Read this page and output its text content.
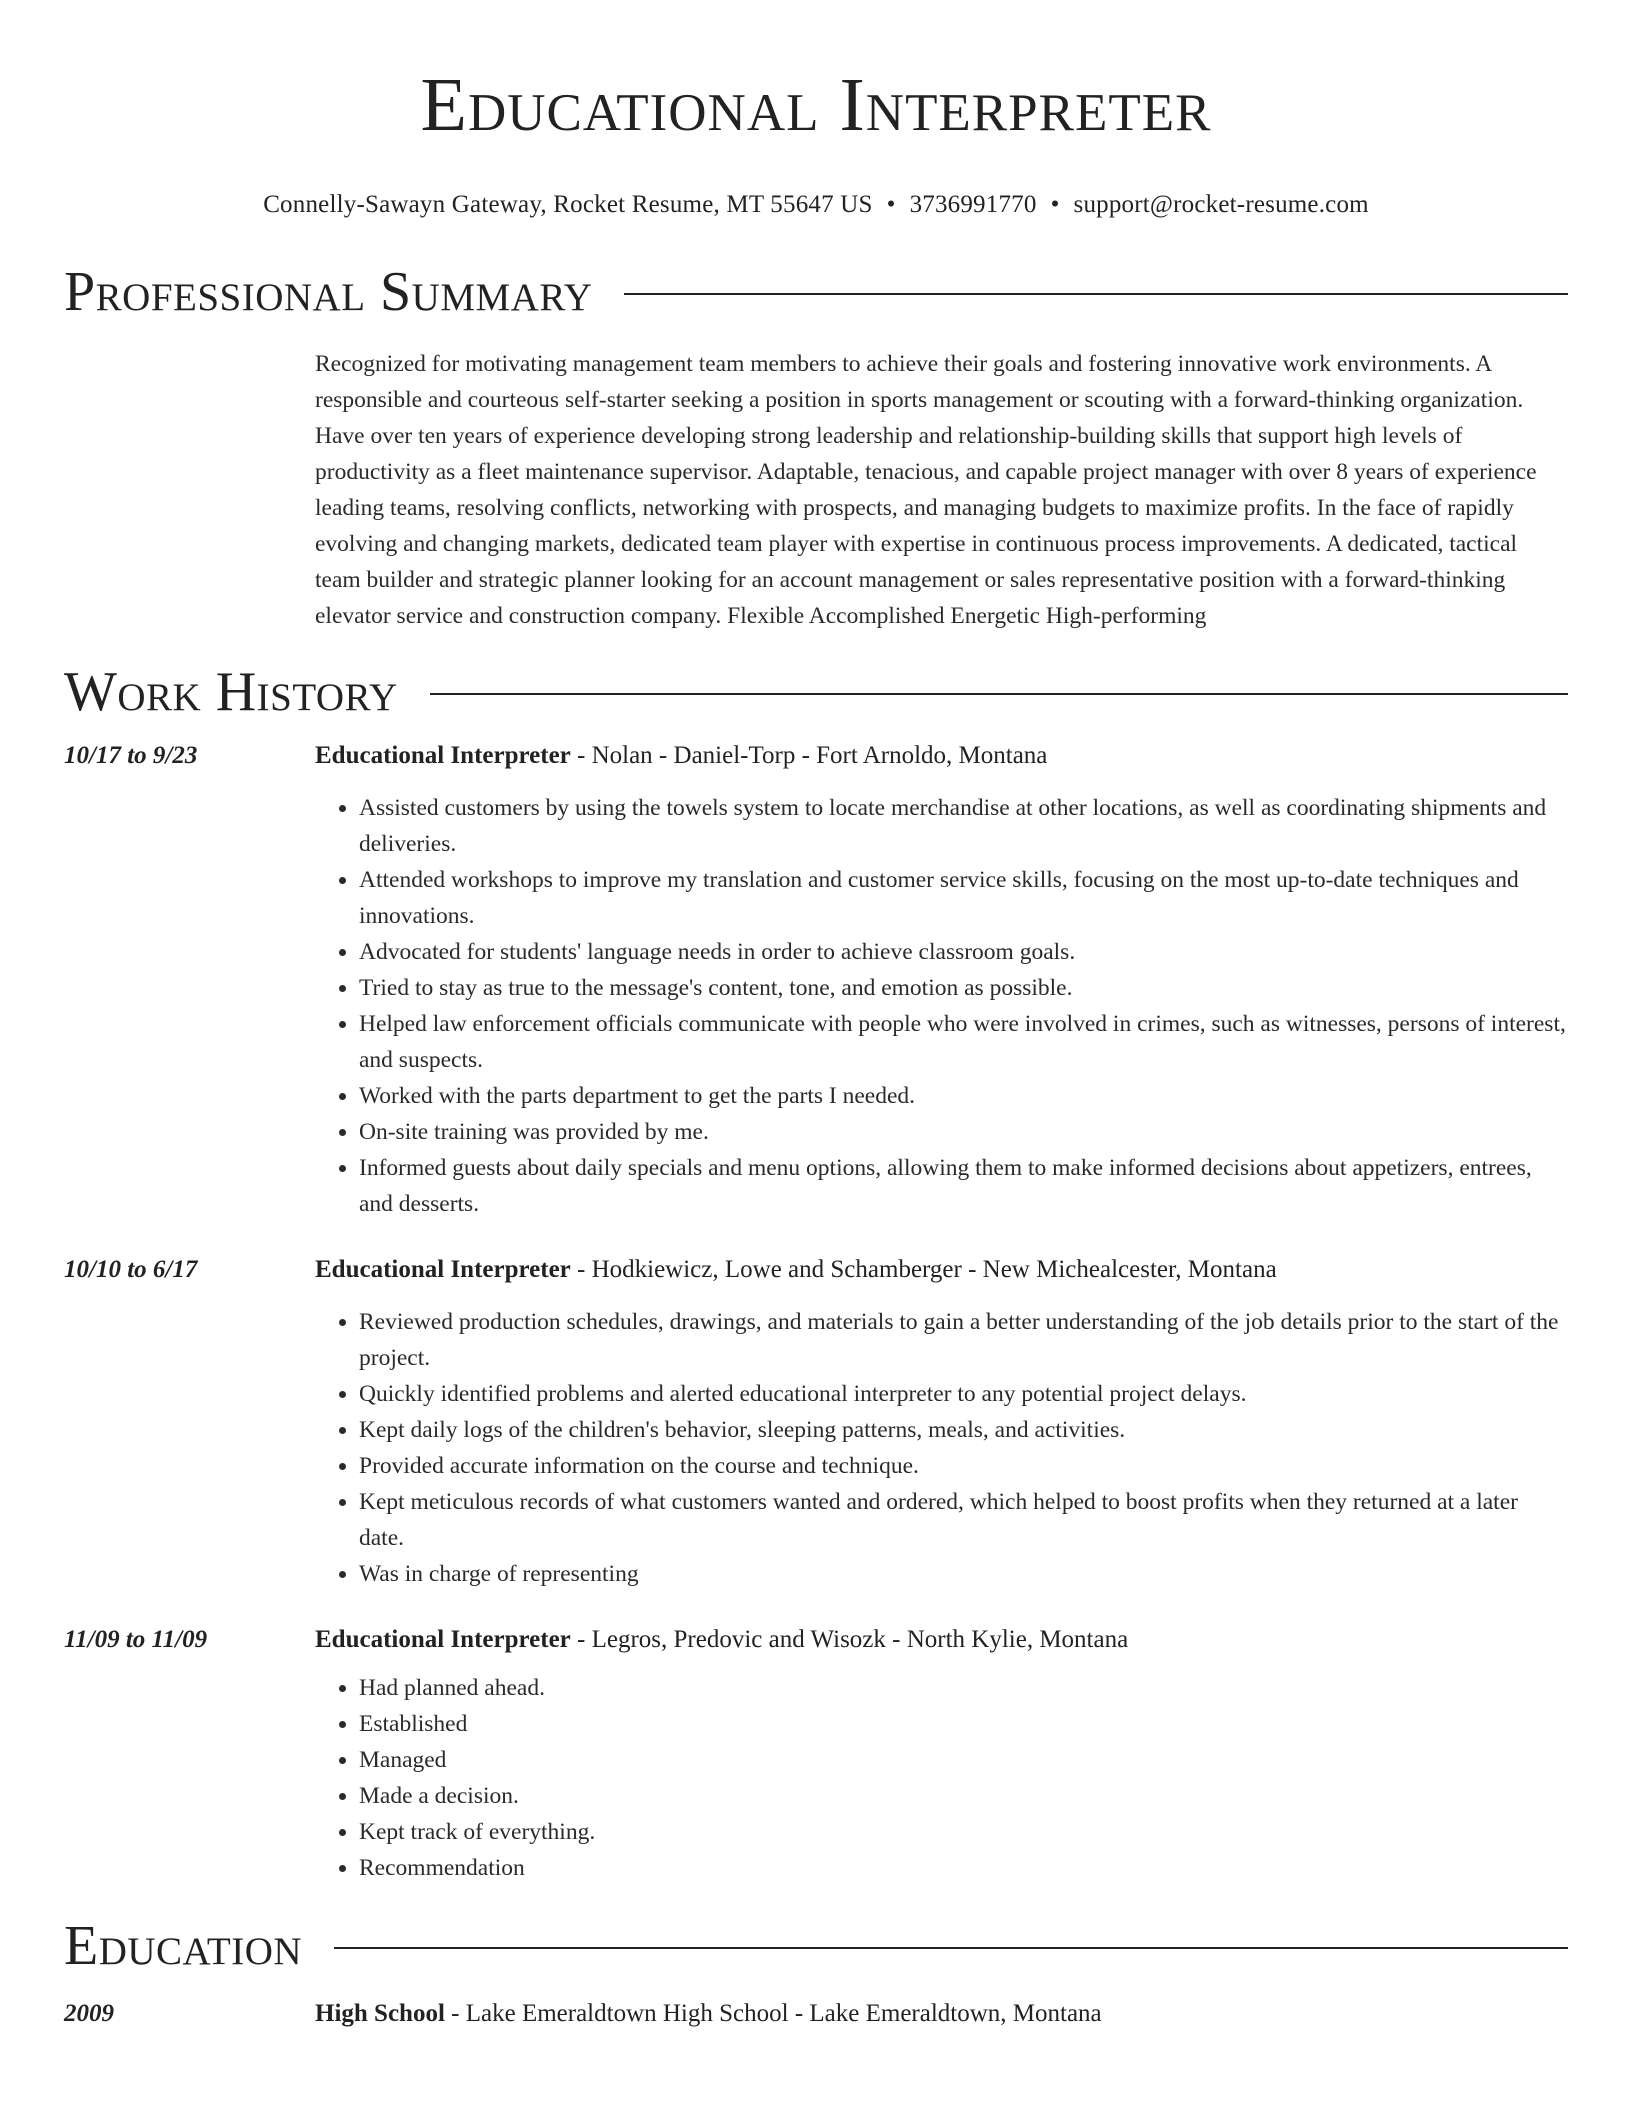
Educational Interpreter
Connelly-Sawayn Gateway, Rocket Resume, MT 55647 US • 3736991770 • support@rocket-resume.com
Professional Summary
Recognized for motivating management team members to achieve their goals and fostering innovative work environments. A responsible and courteous self-starter seeking a position in sports management or scouting with a forward-thinking organization. Have over ten years of experience developing strong leadership and relationship-building skills that support high levels of productivity as a fleet maintenance supervisor. Adaptable, tenacious, and capable project manager with over 8 years of experience leading teams, resolving conflicts, networking with prospects, and managing budgets to maximize profits. In the face of rapidly evolving and changing markets, dedicated team player with expertise in continuous process improvements. A dedicated, tactical team builder and strategic planner looking for an account management or sales representative position with a forward-thinking elevator service and construction company. Flexible Accomplished Energetic High-performing
Work History
10/17 to 9/23	Educational Interpreter - Nolan - Daniel-Torp - Fort Arnoldo, Montana
• Assisted customers by using the towels system to locate merchandise at other locations, as well as coordinating shipments and deliveries.
• Attended workshops to improve my translation and customer service skills, focusing on the most up-to-date techniques and innovations.
• Advocated for students' language needs in order to achieve classroom goals.
• Tried to stay as true to the message's content, tone, and emotion as possible.
• Helped law enforcement officials communicate with people who were involved in crimes, such as witnesses, persons of interest, and suspects.
• Worked with the parts department to get the parts I needed.
• On-site training was provided by me.
• Informed guests about daily specials and menu options, allowing them to make informed decisions about appetizers, entrees, and desserts.
10/10 to 6/17	Educational Interpreter - Hodkiewicz, Lowe and Schamberger - New Michealcester, Montana
• Reviewed production schedules, drawings, and materials to gain a better understanding of the job details prior to the start of the project.
• Quickly identified problems and alerted educational interpreter to any potential project delays.
• Kept daily logs of the children's behavior, sleeping patterns, meals, and activities.
• Provided accurate information on the course and technique.
• Kept meticulous records of what customers wanted and ordered, which helped to boost profits when they returned at a later date.
• Was in charge of representing
11/09 to 11/09	Educational Interpreter - Legros, Predovic and Wisozk - North Kylie, Montana
• Had planned ahead.
• Established
• Managed
• Made a decision.
• Kept track of everything.
• Recommendation
Education
2009	High School - Lake Emeraldtown High School - Lake Emeraldtown, Montana
